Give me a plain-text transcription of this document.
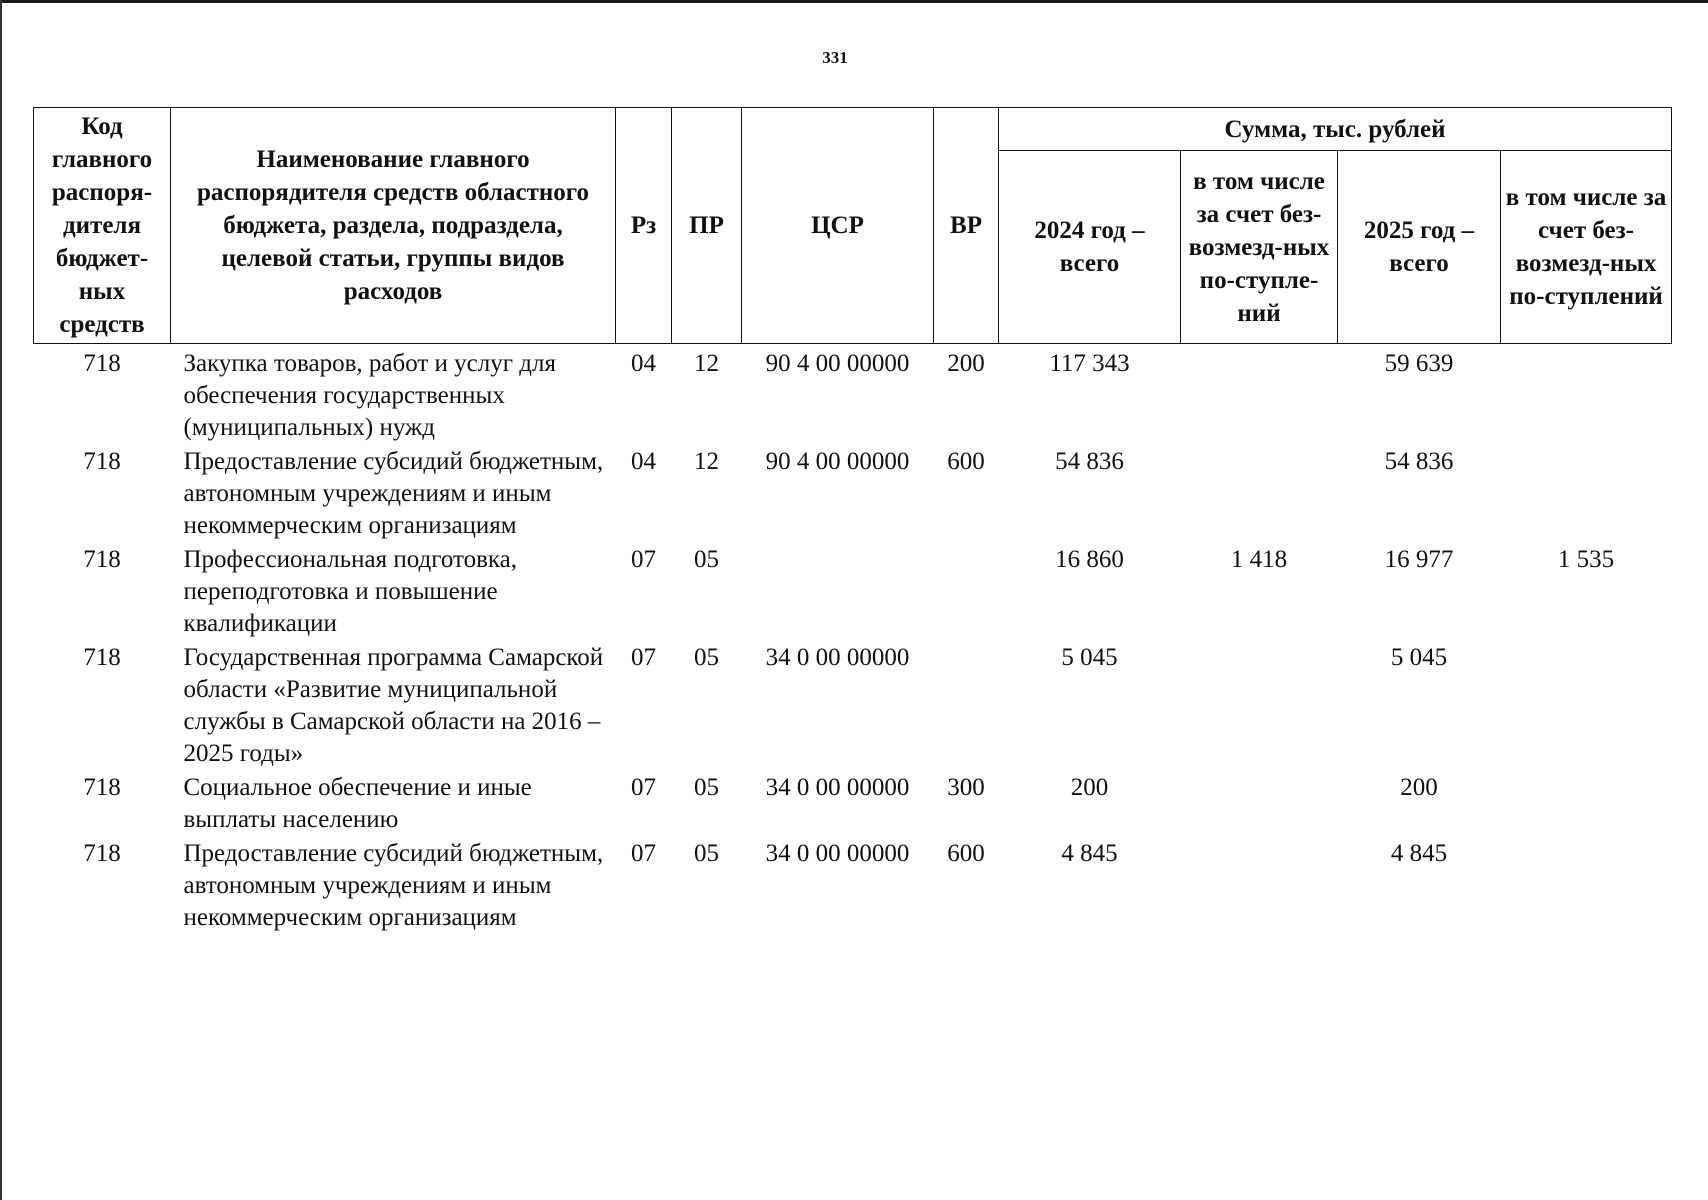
331
Код главного распоря-дителя бюджет-ных средств	Наименование главного распорядителя средств областного бюджета, раздела, подраздела, целевой статьи, группы видов расходов	Рз	ПР	ЦСР	ВР	Сумма, тыс. рублей			
						2024 год – всего	в том числе за счет без-возмезд-ных по-ступле-ний	2025 год – всего	в том числе за счет без-возмезд-ных по-ступлений
718	Закупка товаров, работ и услуг для обеспечения государственных (муниципальных) нужд	04	12	90 4 00 00000	200	117 343		59 639	
718	Предоставление субсидий бюджетным, автономным учреждениям и иным некоммерческим организациям	04	12	90 4 00 00000	600	54 836		54 836	
718	Профессиональная подготовка, переподготовка и повышение квалификации	07	05			16 860	1 418	16 977	1 535
718	Государственная программа Самарской области «Развитие муниципальной службы в Самарской области на 2016 – 2025 годы»	07	05	34 0 00 00000		5 045		5 045	
718	Социальное обеспечение и иные выплаты населению	07	05	34 0 00 00000	300	200		200	
718	Предоставление субсидий бюджетным, автономным учреждениям и иным некоммерческим организациям	07	05	34 0 00 00000	600	4 845		4 845	
